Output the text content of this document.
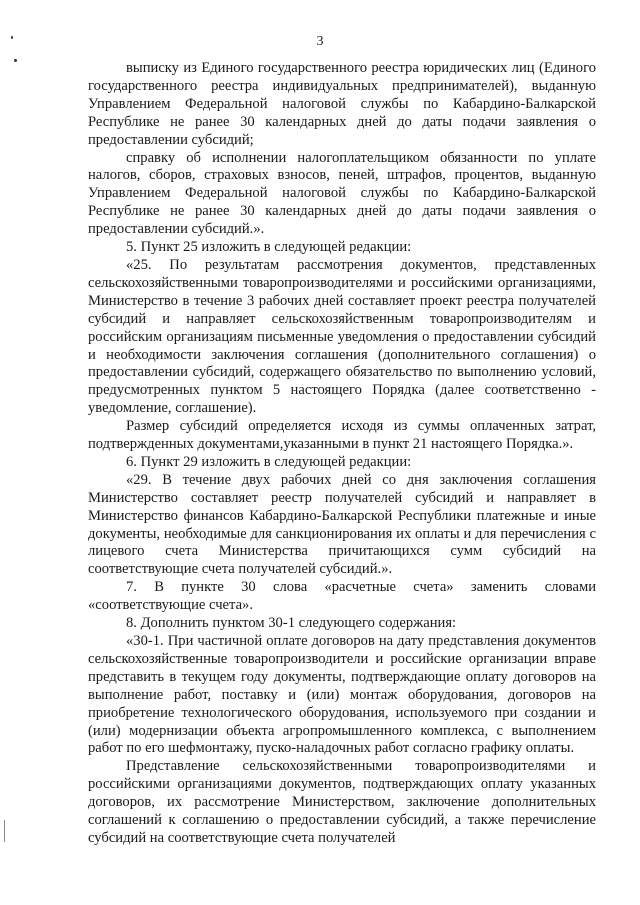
3

выписку из Единого государственного реестра юридических лиц (Единого государственного реестра индивидуальных предпринимателей), выданную Управлением Федеральной налоговой службы по Кабардино-Балкарской Республике не ранее 30 календарных дней до даты подачи заявления о предоставлении субсидий;

справку об исполнении налогоплательщиком обязанности по уплате налогов, сборов, страховых взносов, пеней, штрафов, процентов, выданную Управлением Федеральной налоговой службы по Кабардино-Балкарской Республике не ранее 30 календарных дней до даты подачи заявления о предоставлении субсидий.».

5. Пункт 25 изложить в следующей редакции:

«25. По результатам рассмотрения документов, представленных сельскохозяйственными товаропроизводителями и российскими организациями, Министерство в течение 3 рабочих дней составляет проект реестра получателей субсидий и направляет сельскохозяйственным товаропроизводителям и российским организациям письменные уведомления о предоставлении субсидий и необходимости заключения соглашения (дополнительного соглашения) о предоставлении субсидий, содержащего обязательство по выполнению условий, предусмотренных пунктом 5 настоящего Порядка (далее соответственно - уведомление, соглашение).

Размер субсидий определяется исходя из суммы оплаченных затрат, подтвержденных документами,указанными в пункт 21 настоящего Порядка.».

6. Пункт 29 изложить в следующей редакции:

«29. В течение двух рабочих дней со дня заключения соглашения Министерство составляет реестр получателей субсидий и направляет в Министерство финансов Кабардино-Балкарской Республики платежные и иные документы, необходимые для санкционирования их оплаты и для перечисления с лицевого счета Министерства причитающихся сумм субсидий на соответствующие счета получателей субсидий.».

7. В пункте 30 слова «расчетные счета» заменить словами «соответствующие счета».

8. Дополнить пунктом 30-1 следующего содержания:

«30-1. При частичной оплате договоров на дату представления документов сельскохозяйственные товаропроизводители и российские организации вправе представить в текущем году документы, подтверждающие оплату договоров на выполнение работ, поставку и (или) монтаж оборудования, договоров на приобретение технологического оборудования, используемого при создании и (или) модернизации объекта агропромышленного комплекса, с выполнением работ по его шефмонтажу, пуско-наладочных работ согласно графику оплаты.

Представление сельскохозяйственными товаропроизводителями и российскими организациями документов, подтверждающих оплату указанных договоров, их рассмотрение Министерством, заключение дополнительных соглашений к соглашению о предоставлении субсидий, а также перечисление субсидий на соответствующие счета получателей
